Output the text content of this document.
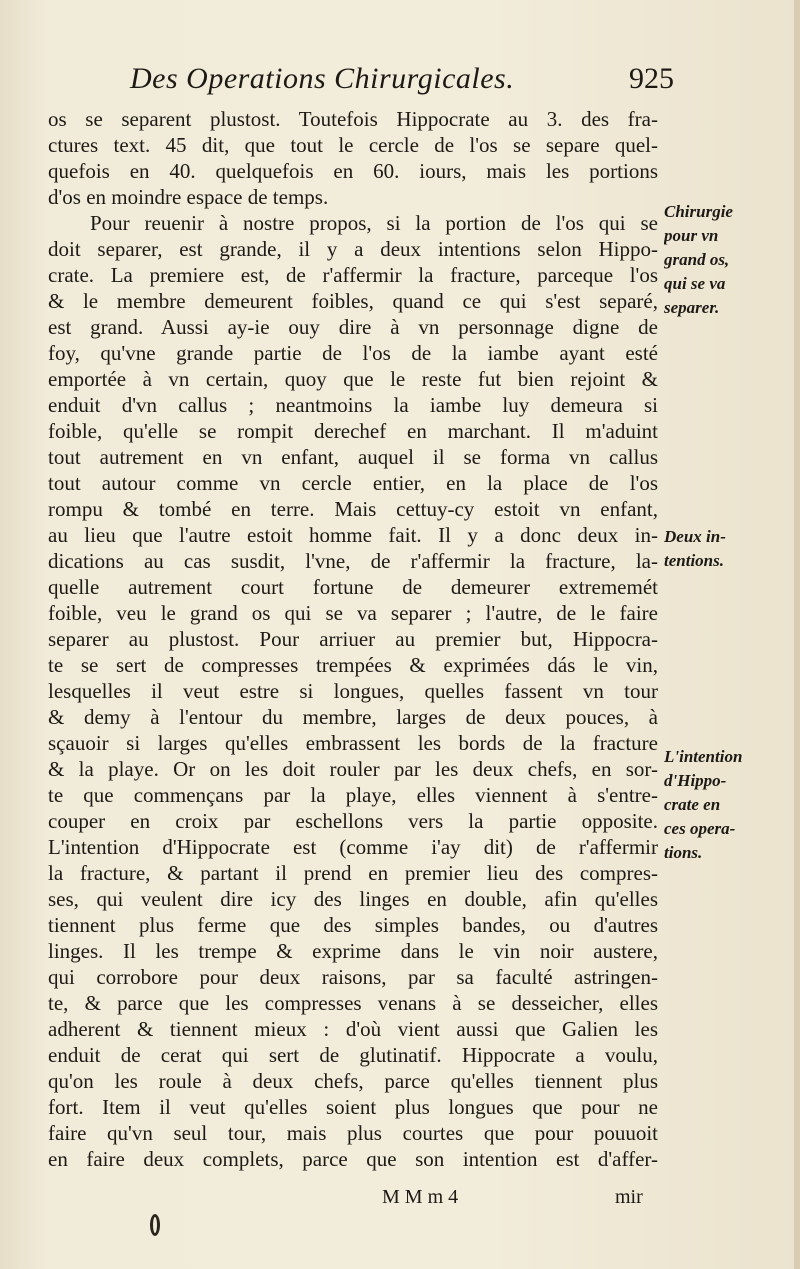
Des Operations Chirurgicales.	925
os se separent plustost. Toutefois Hippocrate au 3. des fra-
ctures text. 45 dit, que tout le cercle de l'os se separe quel-
quefois en 40. quelquefois en 60. iours, mais les portions
d'os en moindre espace de temps.
Pour reuenir à nostre propos, si la portion de l'os qui se
doit separer, est grande, il y a deux intentions selon Hippo-
crate. La premiere est, de r'affermir la fracture, parceque l'os
& le membre demeurent foibles, quand ce qui s'est separé,
est grand. Aussi ay-ie ouy dire à vn personnage digne de
foy, qu'vne grande partie de l'os de la iambe ayant esté
emportée à vn certain, quoy que le reste fut bien rejoint &
enduit d'vn callus ; neantmoins la iambe luy demeura si
foible, qu'elle se rompit derechef en marchant. Il m'aduint
tout autrement en vn enfant, auquel il se forma vn callus
tout autour comme vn cercle entier, en la place de l'os
rompu & tombé en terre. Mais cettuy-cy estoit vn enfant,
au lieu que l'autre estoit homme fait. Il y a donc deux in-
dications au cas susdit, l'vne, de r'affermir la fracture, la-
quelle autrement court fortune de demeurer extrememét
foible, veu le grand os qui se va separer ; l'autre, de le faire
separer au plustost. Pour arriuer au premier but, Hippocra-
te se sert de compresses trempées & exprimées dás le vin,
lesquelles il veut estre si longues, quelles fassent vn tour
& demy à l'entour du membre, larges de deux pouces, à
sçauoir si larges qu'elles embrassent les bords de la fracture
& la playe. Or on les doit rouler par les deux chefs, en sor-
te que commençans par la playe, elles viennent à s'entre-
couper en croix par eschellons vers la partie opposite.
L'intention d'Hippocrate est (comme i'ay dit) de r'affermir
la fracture, & partant il prend en premier lieu des compres-
ses, qui veulent dire icy des linges en double, afin qu'elles
tiennent plus ferme que des simples bandes, ou d'autres
linges. Il les trempe & exprime dans le vin noir austere,
qui corrobore pour deux raisons, par sa faculté astringen-
te, & parce que les compresses venans à se desseicher, elles
adherent & tiennent mieux : d'où vient aussi que Galien les
enduit de cerat qui sert de glutinatif. Hippocrate a voulu,
qu'on les roule à deux chefs, parce qu'elles tiennent plus
fort. Item il veut qu'elles soient plus longues que pour ne
faire qu'vn seul tour, mais plus courtes que pour pouuoit
en faire deux complets, parce que son intention est d'affer-
Chirurgie
pour vn
grand os,
qui se va
separer.
Deux in-
tentions.
L'intention
d'Hippo-
crate en
ces opera-
tions.
M M m 4	mir
